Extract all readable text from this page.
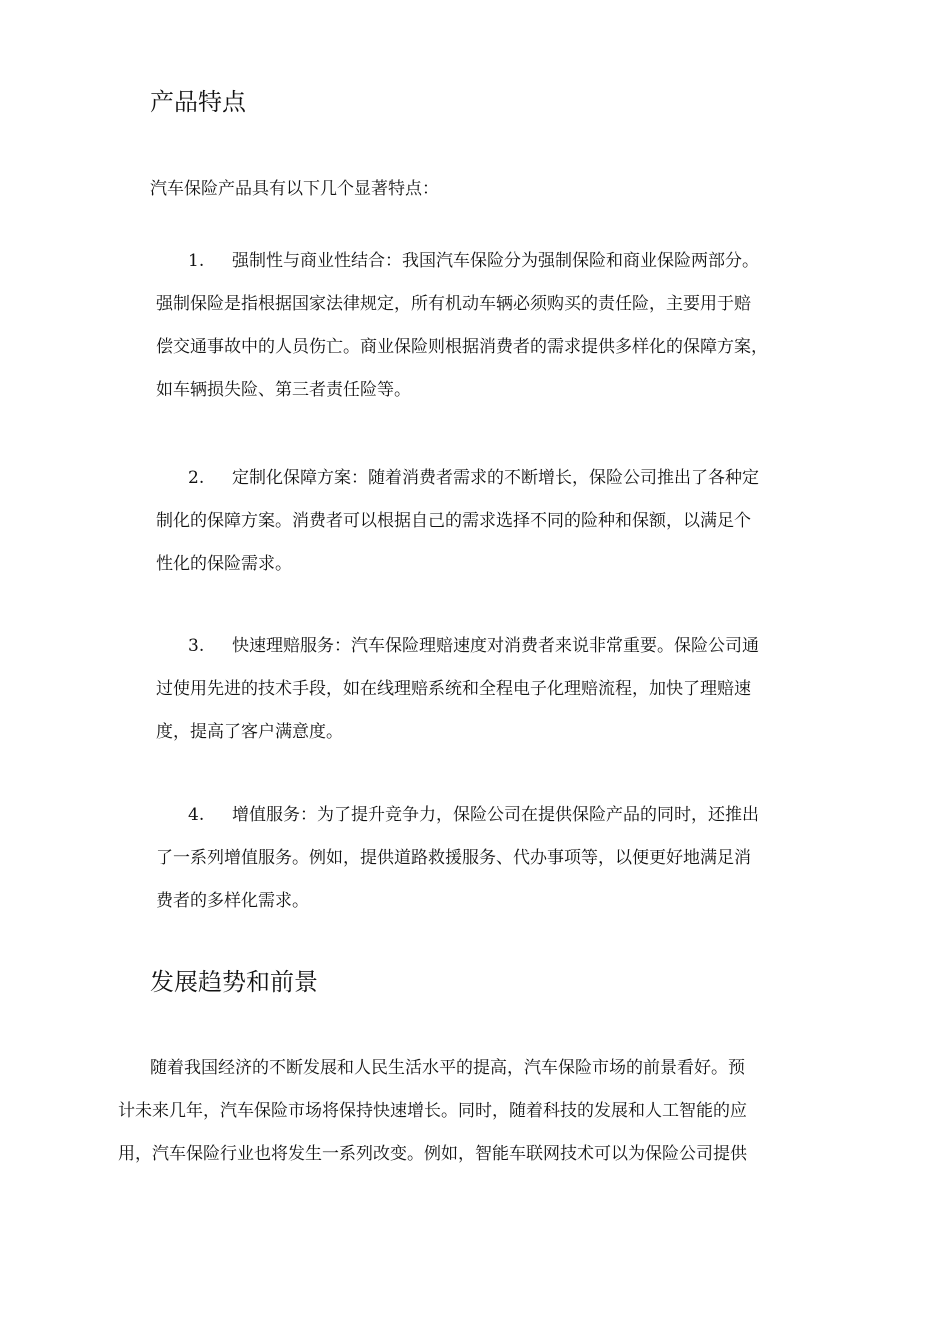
产品特点

汽车保险产品具有以下几个显著特点：

1. 强制性与商业性结合：我国汽车保险分为强制保险和商业保险两部分。
强制保险是指根据国家法律规定，所有机动车辆必须购买的责任险，主要用于赔
偿交通事故中的人员伤亡。商业保险则根据消费者的需求提供多样化的保障方案，
如车辆损失险、第三者责任险等。
2. 定制化保障方案：随着消费者需求的不断增长，保险公司推出了各种定
制化的保障方案。消费者可以根据自己的需求选择不同的险种和保额，以满足个
性化的保险需求。
3. 快速理赔服务：汽车保险理赔速度对消费者来说非常重要。保险公司通
过使用先进的技术手段，如在线理赔系统和全程电子化理赔流程，加快了理赔速
度，提高了客户满意度。
4. 增值服务：为了提升竞争力，保险公司在提供保险产品的同时，还推出
了一系列增值服务。例如，提供道路救援服务、代办事项等，以便更好地满足消
费者的多样化需求。
发展趋势和前景
随着我国经济的不断发展和人民生活水平的提高，汽车保险市场的前景看好。预
计未来几年，汽车保险市场将保持快速增长。同时，随着科技的发展和人工智能的应
用，汽车保险行业也将发生一系列改变。例如，智能车联网技术可以为保险公司提供
